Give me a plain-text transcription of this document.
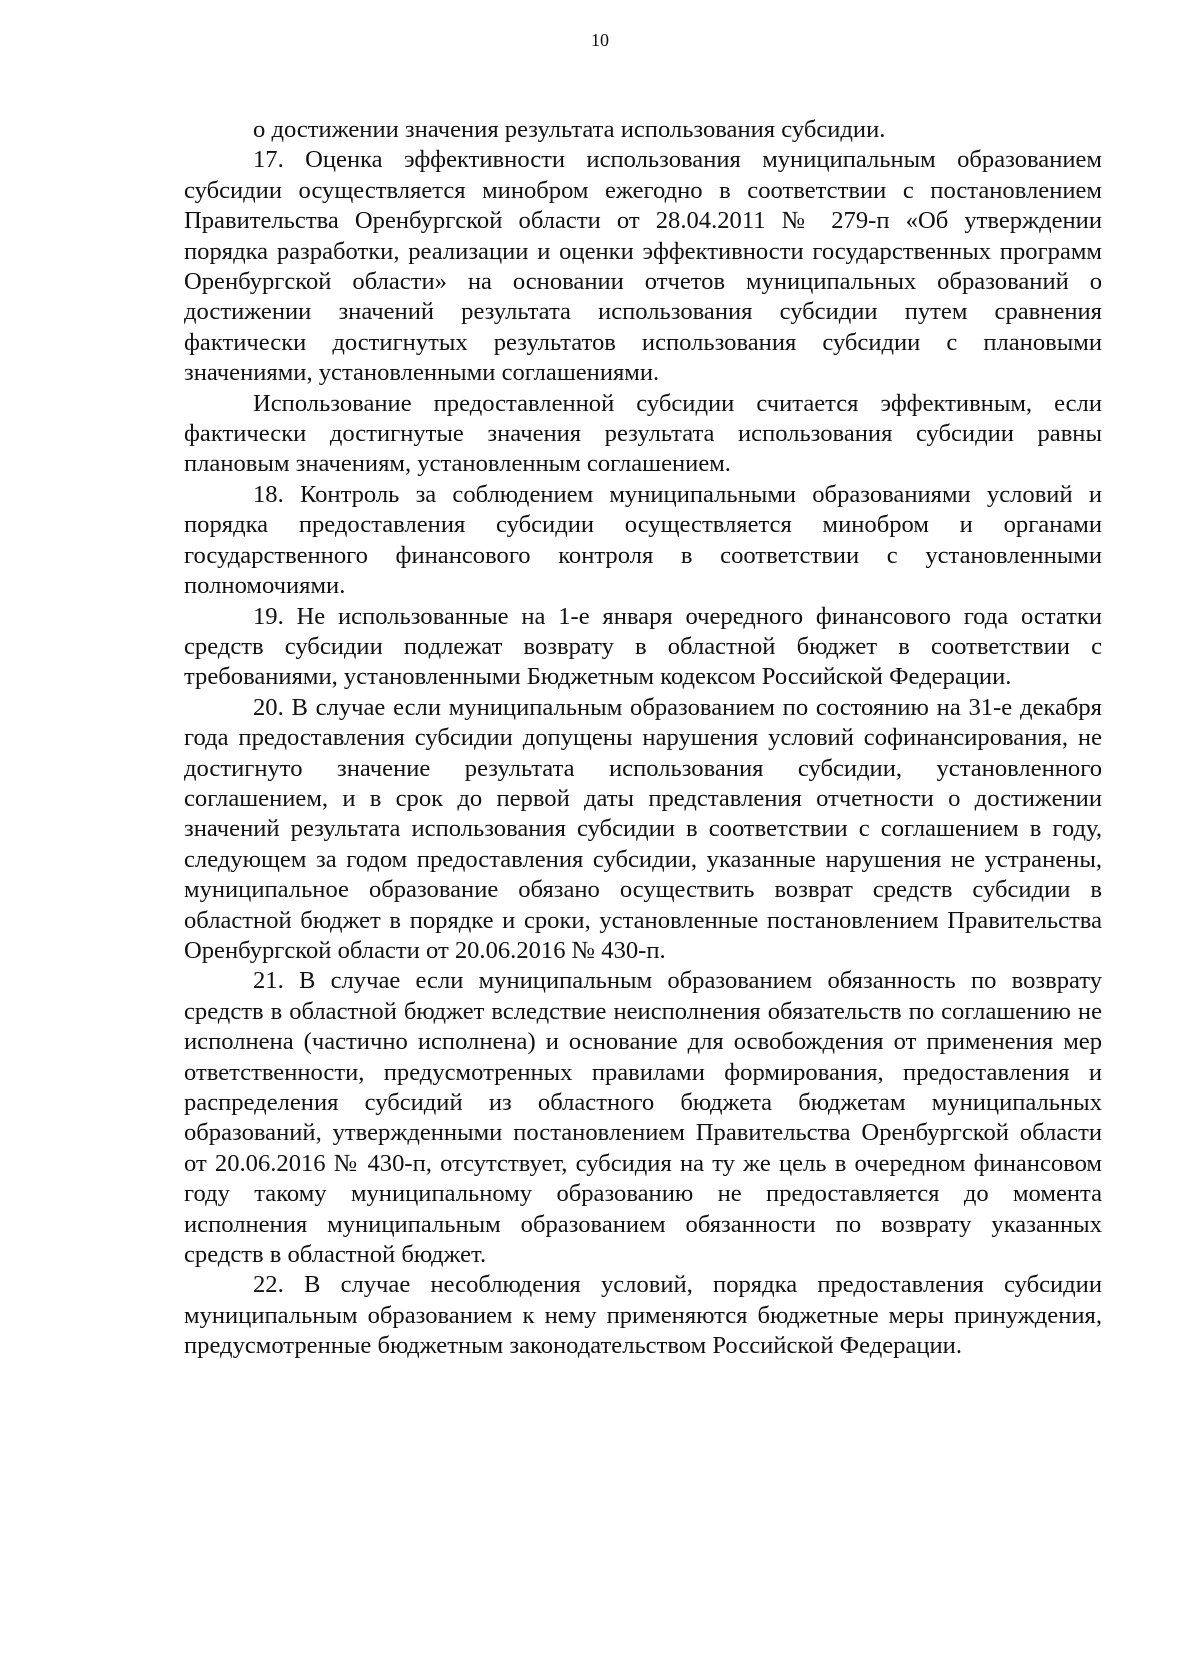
10

о достижении значения результата использования субсидии.

17. Оценка эффективности использования муниципальным образованием субсидии осуществляется минобром ежегодно в соответствии с постановлением Правительства Оренбургской области от 28.04.2011 № 279-п «Об утверждении порядка разработки, реализации и оценки эффективности государственных программ Оренбургской области» на основании отчетов муниципальных образований о достижении значений результата использования субсидии путем сравнения фактически достигнутых результатов использования субсидии с плановыми значениями, установленными соглашениями.

Использование предоставленной субсидии считается эффективным, если фактически достигнутые значения результата использования субсидии равны плановым значениям, установленным соглашением.

18. Контроль за соблюдением муниципальными образованиями условий и порядка предоставления субсидии осуществляется минобром и органами государственного финансового контроля в соответствии с установленными полномочиями.

19. Не использованные на 1-е января очередного финансового года остатки средств субсидии подлежат возврату в областной бюджет в соответствии с требованиями, установленными Бюджетным кодексом Российской Федерации.

20. В случае если муниципальным образованием по состоянию на 31-е декабря года предоставления субсидии допущены нарушения условий софинансирования, не достигнуто значение результата использования субсидии, установленного соглашением, и в срок до первой даты представления отчетности о достижении значений результата использования субсидии в соответствии с соглашением в году, следующем за годом предоставления субсидии, указанные нарушения не устранены, муниципальное образование обязано осуществить возврат средств субсидии в областной бюджет в порядке и сроки, установленные постановлением Правительства Оренбургской области от 20.06.2016 № 430-п.

21. В случае если муниципальным образованием обязанность по возврату средств в областной бюджет вследствие неисполнения обязательств по соглашению не исполнена (частично исполнена) и основание для освобождения от применения мер ответственности, предусмотренных правилами формирования, предоставления и распределения субсидий из областного бюджета бюджетам муниципальных образований, утвержденными постановлением Правительства Оренбургской области от 20.06.2016 № 430-п, отсутствует, субсидия на ту же цель в очередном финансовом году такому муниципальному образованию не предоставляется до момента исполнения муниципальным образованием обязанности по возврату указанных средств в областной бюджет.

22. В случае несоблюдения условий, порядка предоставления субсидии муниципальным образованием к нему применяются бюджетные меры принуждения, предусмотренные бюджетным законодательством Российской Федерации.
